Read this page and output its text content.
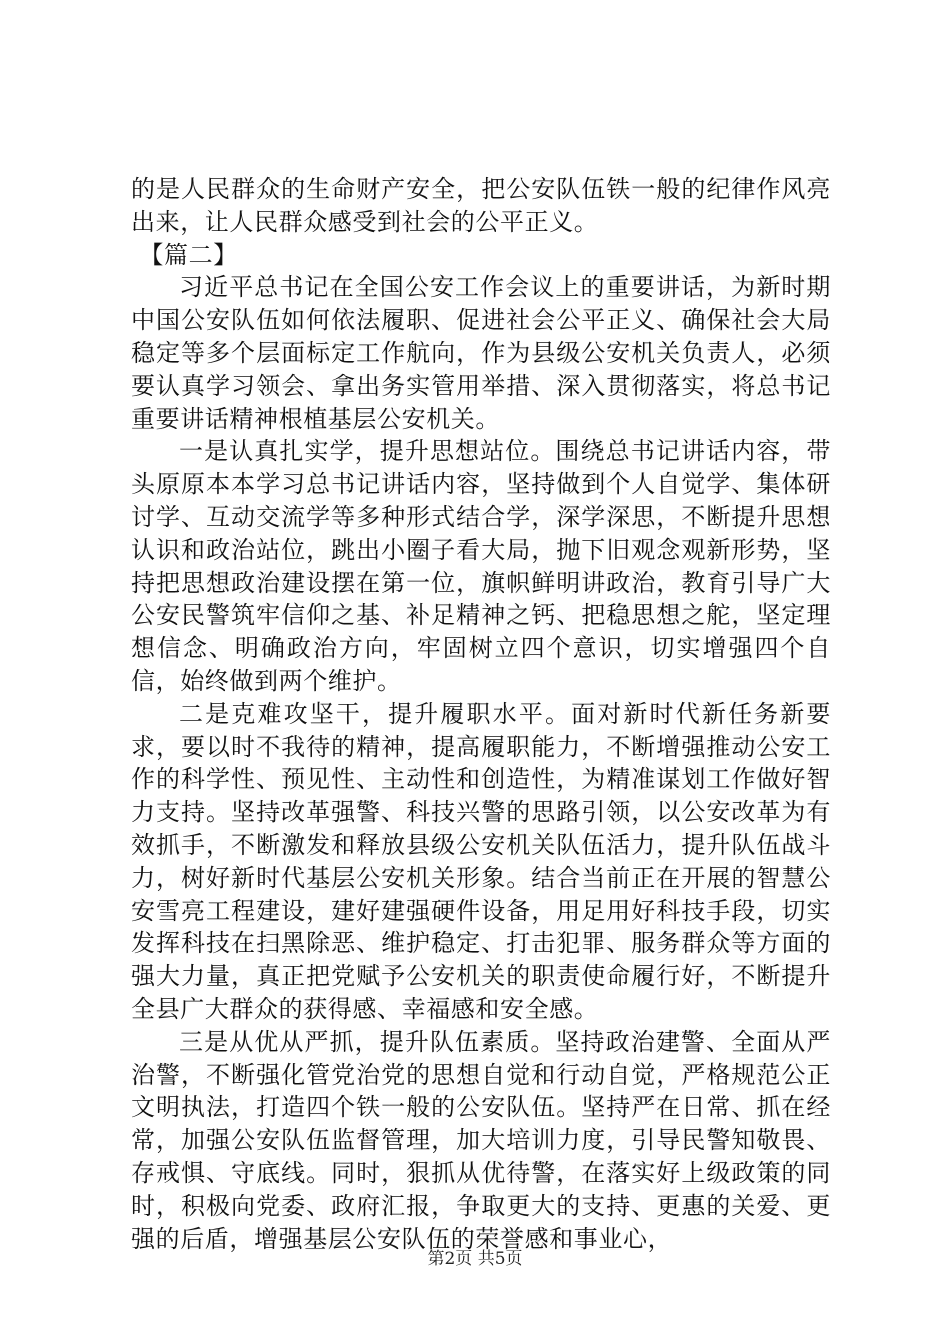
的是人民群众的生命财产安全，把公安队伍铁一般的纪律作风亮出来，让人民群众感受到社会的公平正义。

【篇二】

习近平总书记在全国公安工作会议上的重要讲话，为新时期中国公安队伍如何依法履职、促进社会公平正义、确保社会大局稳定等多个层面标定工作航向，作为县级公安机关负责人，必须要认真学习领会、拿出务实管用举措、深入贯彻落实，将总书记重要讲话精神根植基层公安机关。

一是认真扎实学，提升思想站位。围绕总书记讲话内容，带头原原本本学习总书记讲话内容，坚持做到个人自觉学、集体研讨学、互动交流学等多种形式结合学，深学深思，不断提升思想认识和政治站位，跳出小圈子看大局，抛下旧观念观新形势，坚持把思想政治建设摆在第一位，旗帜鲜明讲政治，教育引导广大公安民警筑牢信仰之基、补足精神之钙、把稳思想之舵，坚定理想信念、明确政治方向，牢固树立四个意识，切实增强四个自信，始终做到两个维护。

二是克难攻坚干，提升履职水平。面对新时代新任务新要求，要以时不我待的精神，提高履职能力，不断增强推动公安工作的科学性、预见性、主动性和创造性，为精准谋划工作做好智力支持。坚持改革强警、科技兴警的思路引领，以公安改革为有效抓手，不断激发和释放县级公安机关队伍活力，提升队伍战斗力，树好新时代基层公安机关形象。结合当前正在开展的智慧公安雪亮工程建设，建好建强硬件设备，用足用好科技手段，切实发挥科技在扫黑除恶、维护稳定、打击犯罪、服务群众等方面的强大力量，真正把党赋予公安机关的职责使命履行好，不断提升全县广大群众的获得感、幸福感和安全感。

三是从优从严抓，提升队伍素质。坚持政治建警、全面从严治警，不断强化管党治党的思想自觉和行动自觉，严格规范公正文明执法，打造四个铁一般的公安队伍。坚持严在日常、抓在经常，加强公安队伍监督管理，加大培训力度，引导民警知敬畏、存戒惧、守底线。同时，狠抓从优待警，在落实好上级政策的同时，积极向党委、政府汇报，争取更大的支持、更惠的关爱、更强的后盾，增强基层公安队伍的荣誉感和事业心，

第2页 共5页
